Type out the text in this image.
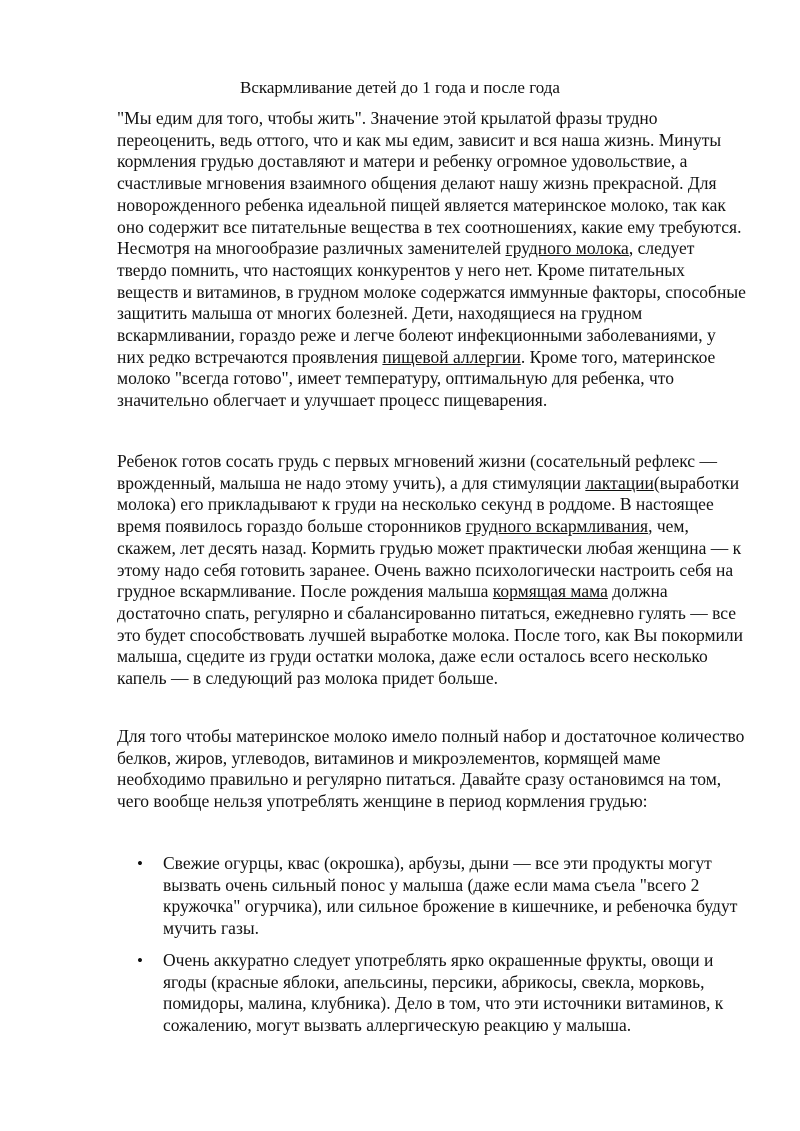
Вскармливание детей до 1 года и после года

"Мы едим для того, чтобы жить". Значение этой крылатой фразы трудно переоценить, ведь оттого, что и как мы едим, зависит и вся наша жизнь. Минуты кормления грудью доставляют и матери и ребенку огромное удовольствие, а счастливые мгновения взаимного общения делают нашу жизнь прекрасной. Для новорожденного ребенка идеальной пищей является материнское молоко, так как оно содержит все питательные вещества в тех соотношениях, какие ему требуются. Несмотря на многообразие различных заменителей грудного молока, следует твердо помнить, что настоящих конкурентов у него нет. Кроме питательных веществ и витаминов, в грудном молоке содержатся иммунные факторы, способные защитить малыша от многих болезней. Дети, находящиеся на грудном вскармливании, гораздо реже и легче болеют инфекционными заболеваниями, у них редко встречаются проявления пищевой аллергии. Кроме того, материнское молоко "всегда готово", имеет температуру, оптимальную для ребенка, что значительно облегчает и улучшает процесс пищеварения.

Ребенок готов сосать грудь с первых мгновений жизни (сосательный рефлекс — врожденный, малыша не надо этому учить), а для стимуляции лактации(выработки молока) его прикладывают к груди на несколько секунд в роддоме. В настоящее время появилось гораздо больше сторонников грудного вскармливания, чем, скажем, лет десять назад. Кормить грудью может практически любая женщина — к этому надо себя готовить заранее. Очень важно психологически настроить себя на грудное вскармливание. После рождения малыша кормящая мама должна достаточно спать, регулярно и сбалансированно питаться, ежедневно гулять — все это будет способствовать лучшей выработке молока. После того, как Вы покормили малыша, сцедите из груди остатки молока, даже если осталось всего несколько капель — в следующий раз молока придет больше.

Для того чтобы материнское молоко имело полный набор и достаточное количество белков, жиров, углеводов, витаминов и микроэлементов, кормящей маме необходимо правильно и регулярно питаться. Давайте сразу остановимся на том, чего вообще нельзя употреблять женщине в период кормления грудью:

• Свежие огурцы, квас (окрошка), арбузы, дыни — все эти продукты могут вызвать очень сильный понос у малыша (даже если мама съела "всего 2 кружочка" огурчика), или сильное брожение в кишечнике, и ребеночка будут мучить газы.
• Очень аккуратно следует употреблять ярко окрашенные фрукты, овощи и ягоды (красные яблоки, апельсины, персики, абрикосы, свекла, морковь, помидоры, малина, клубника). Дело в том, что эти источники витаминов, к сожалению, могут вызвать аллергическую реакцию у малыша.
